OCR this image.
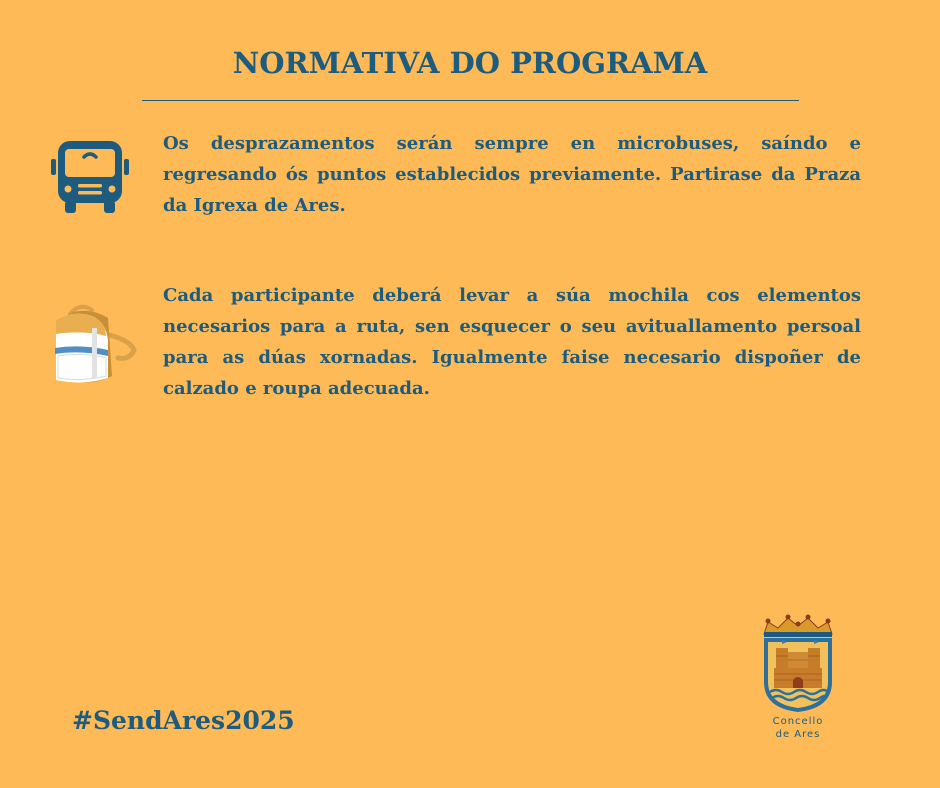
NORMATIVA DO PROGRAMA

Os desprazamentos serán sempre en microbuses, saíndo e regresando ós puntos establecidos previamente. Partirase da Praza da Igrexa de Ares.

Cada participante deberá levar a súa mochila cos elementos necesarios para a ruta, sen esquecer o seu avituallamento persoal para as dúas xornadas. Igualmente faise necesario dispoñer de calzado e roupa adecuada.

#SendAres2025	Concello
de Ares
